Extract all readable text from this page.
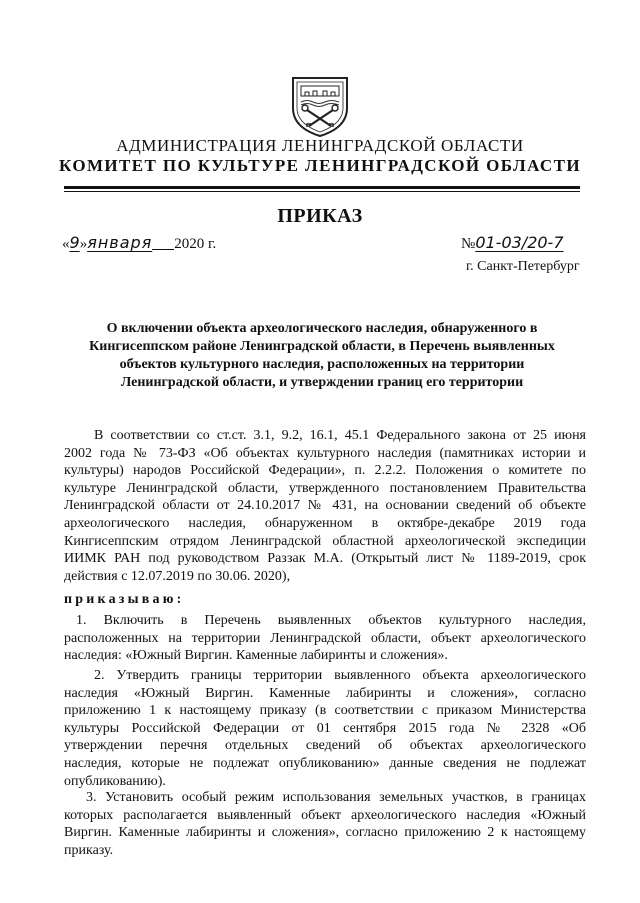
АДМИНИСТРАЦИЯ ЛЕНИНГРАДСКОЙ ОБЛАСТИ
КОМИТЕТ ПО КУЛЬТУРЕ ЛЕНИНГРАДСКОЙ ОБЛАСТИ
ПРИКАЗ
«9»января 2020 г.	№01-03/20-7
г. Санкт-Петербург
О включении объекта археологического наследия, обнаруженного в
Кингисеппском районе Ленинградской области, в Перечень выявленных
объектов культурного наследия, расположенных на территории
Ленинградской области, и утверждении границ его территории
В соответствии со ст.ст. 3.1, 9.2, 16.1, 45.1 Федерального закона от 25 июня
2002 года № 73-ФЗ «Об объектах культурного наследия (памятниках истории и
культуры) народов Российской Федерации», п. 2.2.2. Положения о комитете по
культуре Ленинградской области, утвержденного постановлением Правительства
Ленинградской области от 24.10.2017 № 431, на основании сведений об объекте
археологического наследия, обнаруженном в октябре-декабре 2019 года
Кингисеппским отрядом Ленинградской областной археологической экспедиции
ИИМК РАН под руководством Раззак М.А. (Открытый лист № 1189-2019, срок
действия с 12.07.2019 по 30.06. 2020),
приказываю:
1. Включить в Перечень выявленных объектов культурного наследия,
расположенных на территории Ленинградской области, объект археологического
наследия: «Южный Виргин. Каменные лабиринты и сложения».
2. Утвердить границы территории выявленного объекта археологического
наследия «Южный Виргин. Каменные лабиринты и сложения», согласно
приложению 1 к настоящему приказу (в соответствии с приказом Министерства
культуры Российской Федерации от 01 сентября 2015 года № 2328 «Об
утверждении перечня отдельных сведений об объектах археологического
наследия, которые не подлежат опубликованию» данные сведения не подлежат
опубликованию).
3. Установить особый режим использования земельных участков, в границах
которых располагается выявленный объект археологического наследия «Южный
Виргин. Каменные лабиринты и сложения», согласно приложению 2 к настоящему
приказу.
